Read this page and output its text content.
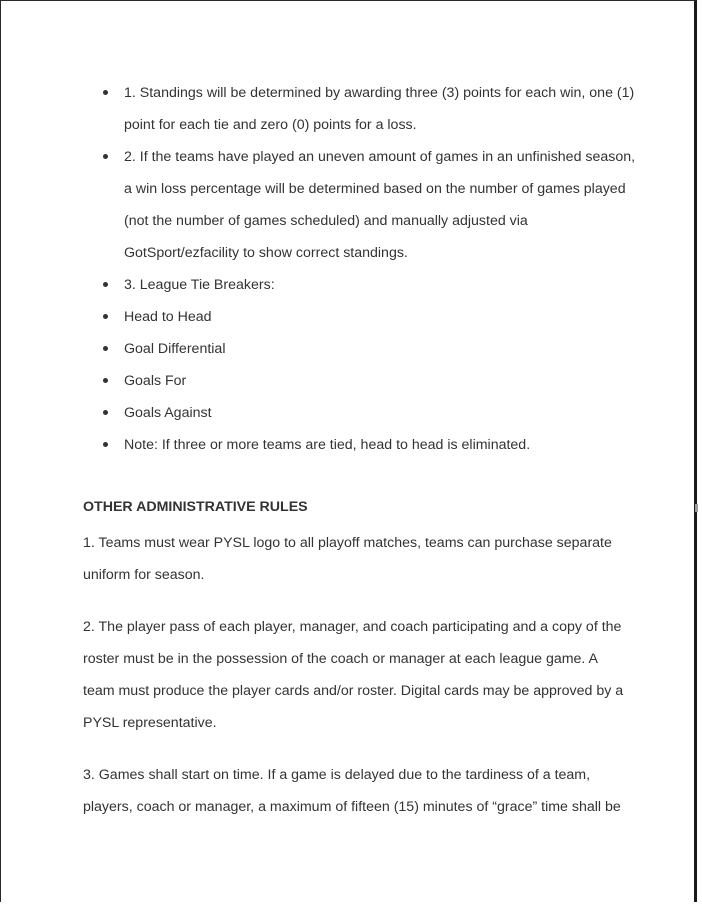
1. Standings will be determined by awarding three (3) points for each win, one (1) point for each tie and zero (0) points for a loss.
2. If the teams have played an uneven amount of games in an unfinished season, a win loss percentage will be determined based on the number of games played (not the number of games scheduled) and manually adjusted via GotSport/ezfacility to show correct standings.
3. League Tie Breakers:
Head to Head
Goal Differential
Goals For
Goals Against
Note: If three or more teams are tied, head to head is eliminated.
OTHER ADMINISTRATIVE RULES

1. Teams must wear PYSL logo to all playoff matches, teams can purchase separate uniform for season.

2. The player pass of each player, manager, and coach participating and a copy of the roster must be in the possession of the coach or manager at each league game. A team must produce the player cards and/or roster. Digital cards may be approved by a PYSL representative.

3. Games shall start on time. If a game is delayed due to the tardiness of a team, players, coach or manager, a maximum of fifteen (15) minutes of “grace” time shall be
